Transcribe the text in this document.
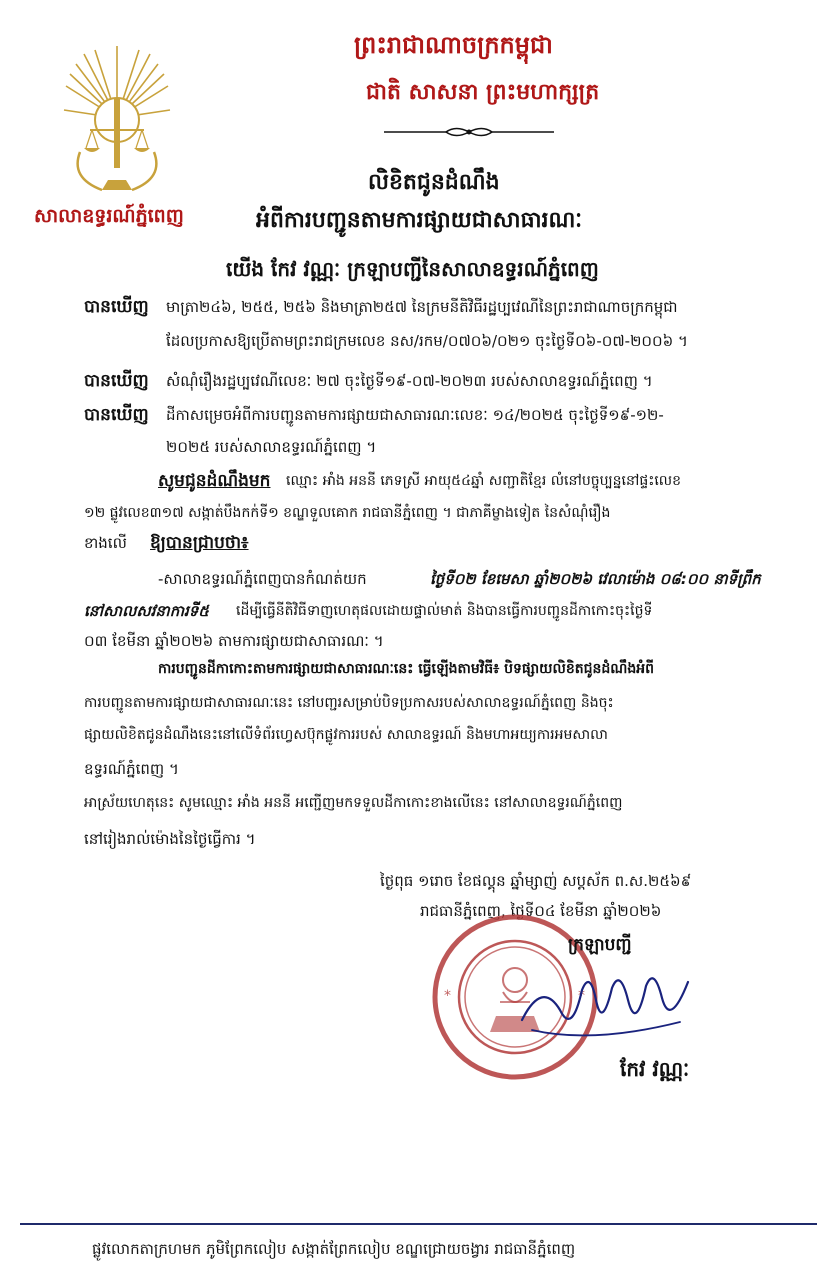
សាលាឧទ្ធរណ៍ភ្នំពេញ
ព្រះរាជាណាចក្រកម្ពុជា
ជាតិ សាសនា ព្រះមហាក្សត្រ
លិខិតជូនដំណឹង
អំពីការបញ្ជូនតាមការផ្សាយជាសាធារណៈ
យើង កែវ វណ្ណៈ ក្រឡាបញ្ជីនៃសាលាឧទ្ធរណ៍ភ្នំពេញ
បានឃើញ មាត្រា២៤៦, ២៥៥, ២៥៦ និងមាត្រា២៥៧ នៃក្រមនីតិវិធីរដ្ឋប្បវេណីនៃព្រះរាជាណាចក្រកម្ពុជា
ដែលប្រកាសឱ្យប្រើតាមព្រះរាជក្រមលេខ នស/រកម/០៧០៦/០២១ ចុះថ្ងៃទី០៦-០៧-២០០៦ ។
បានឃើញ សំណុំរឿងរដ្ឋប្បវេណីលេខៈ ២៧ ចុះថ្ងៃទី១៩-០៧-២០២៣ របស់សាលាឧទ្ធរណ៍ភ្នំពេញ ។
បានឃើញ ដីកាសម្រេចអំពីការបញ្ជូនតាមការផ្សាយជាសាធារណៈលេខៈ ១៤/២០២៥ ចុះថ្ងៃទី១៩-១២-
២០២៥ របស់សាលាឧទ្ធរណ៍ភ្នំពេញ ។
សូមជូនដំណឹងមក ឈ្មោះ អាំង អននី ភេទស្រី អាយុ៥៤ឆ្នាំ សញ្ជាតិខ្មែរ លំនៅបច្ចុប្បន្ននៅផ្ទះលេខ
១២ ផ្លូវលេខ៣១៧ សង្កាត់បឹងកក់ទី១ ខណ្ឌទួលគោក រាជធានីភ្នំពេញ ។ ជាភាគីម្ខាងទៀត នៃសំណុំរឿង
ខាងលើ ឱ្យបានជ្រាបថា៖
-សាលាឧទ្ធរណ៍ភ្នំពេញបានកំណត់យក	ថ្ងៃទី០២ ខែមេសា ឆ្នាំ២០២៦ វេលាម៉ោង ០៨:០០ នាទីព្រឹក
នៅសាលសវនាការទី៥ ដើម្បីធ្វើនីតិវិធីទាញហេតុផលដោយផ្ទាល់មាត់ និងបានធ្វើការបញ្ជូនដីកាកោះចុះថ្ងៃទី
០៣ ខែមីនា ឆ្នាំ២០២៦ តាមការផ្សាយជាសាធារណៈ ។
ការបញ្ជូនដីកាកោះតាមការផ្សាយជាសាធារណៈនេះ ធ្វើឡើងតាមវិធី៖ បិទផ្សាយលិខិតជូនដំណឹងអំពី
ការបញ្ជូនតាមការផ្សាយជាសាធារណៈនេះ នៅបញ្ជរសម្រាប់បិទប្រកាសរបស់សាលាឧទ្ធរណ៍ភ្នំពេញ និងចុះ
ផ្សាយលិខិតជូនដំណឹងនេះនៅលើទំព័រហ្វេសប៊ុកផ្លូវការរបស់ សាលាឧទ្ធរណ៍ និងមហាអយ្យការអមសាលា
ឧទ្ធរណ៍ភ្នំពេញ ។
អាស្រ័យហេតុនេះ សូមឈ្មោះ អាំង អននី អញ្ជើញមកទទួលដីកាកោះខាងលើនេះ នៅសាលាឧទ្ធរណ៍ភ្នំពេញ
នៅរៀងរាល់ម៉ោងនៃថ្ងៃធ្វើការ ។
ថ្ងៃពុធ ១រោច ខែផល្គុន ឆ្នាំម្សាញ់ សប្តស័ក ព.ស.២៥៦៩
រាជធានីភ្នំពេញ, ថ្ងៃទី០៤ ខែមីនា ឆ្នាំ២០២៦
*	*
ក្រឡាបញ្ជី
កែវ វណ្ណៈ
ផ្លូវលោកតាក្រហមក ភូមិព្រែកលៀប សង្កាត់ព្រែកលៀប ខណ្ឌជ្រោយចង្វារ រាជធានីភ្នំពេញ
